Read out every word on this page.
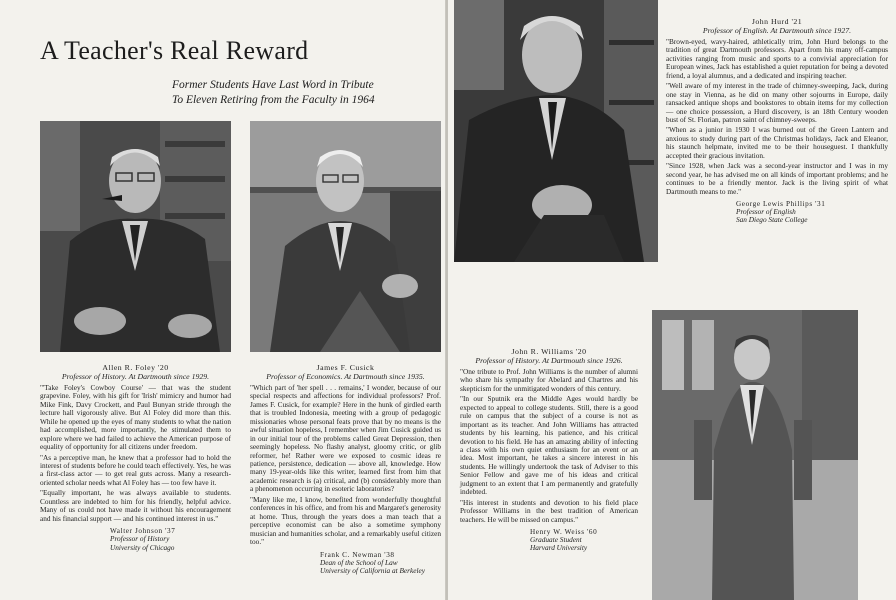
A Teacher's Real Reward
Former Students Have Last Word in Tribute
To Eleven Retiring from the Faculty in 1964
Allen R. Foley '20
Professor of History. At Dartmouth since 1929.

"'Take Foley's Cowboy Course' — that was the student grapevine. Foley, with his gift for 'Irish' mimicry and humor had Mike Fink, Davy Crockett, and Paul Bunyan stride through the lecture hall vigorously alive. But Al Foley did more than this. While he opened up the eyes of many students to what the nation had accomplished, more importantly, he stimulated them to explore where we had failed to achieve the American purpose of equality of opportunity for all citizens under freedom.

"As a perceptive man, he knew that a professor had to hold the interest of students before he could teach effectively. Yes, he was a first-class actor — to get real guts across. Many a research-oriented scholar needs what Al Foley has — too few have it.

"Equally important, he was always available to students. Countless are indebted to him for his friendly, helpful advice. Many of us could not have made it without his encouragement and his financial support — and his continued interest in us."

Walter Johnson '37
Professor of History
University of Chicago
James F. Cusick
Professor of Economics. At Dartmouth since 1935.

"Which part of 'her spell . . . remains,' I wonder, because of our special respects and affections for individual professors? Prof. James F. Cusick, for example? Here in the hunk of girdled earth that is troubled Indonesia, meeting with a group of pedagogic missionaries whose personal feats prove that by no means is the awful situation hopeless, I remember when Jim Cusick guided us in our initial tour of the problems called Great Depression, then seemingly hopeless. No flashy analyst, gloomy critic, or glib reformer, he! Rather were we exposed to cosmic ideas re patience, persistence, dedication — above all, knowledge. How many 19-year-olds like this writer, learned first from him that academic research is (a) critical, and (b) considerably more than a phenomenon occurring in esoteric laboratories?

"Many like me, I know, benefited from wonderfully thoughtful conferences in his office, and from his and Margaret's generosity at home. Thus, through the years does a man teach that a perceptive economist can be also a sometime symphony musician and humanities scholar, and a remarkably useful citizen too."

Frank C. Newman '38
Dean of the School of Law
University of California at Berkeley
John Hurd '21
Professor of English. At Dartmouth since 1927.

"Brown-eyed, wavy-haired, athletically trim, John Hurd belongs to the tradition of great Dartmouth professors. Apart from his many off-campus activities ranging from music and sports to a convivial appreciation for European wines, Jack has established a quiet reputation for being a devoted friend, a loyal alumnus, and a dedicated and inspiring teacher.

"Well aware of my interest in the trade of chimney-sweeping, Jack, during one stay in Vienna, as he did on many other sojourns in Europe, daily ransacked antique shops and bookstores to obtain items for my collection — one choice possession, a Hurd discovery, is an 18th Century wooden bust of St. Florian, patron saint of chimney-sweeps.

"When as a junior in 1930 I was burned out of the Green Lantern and anxious to study during part of the Christmas holidays, Jack and Eleanor, his staunch helpmate, invited me to be their houseguest. I thankfully accepted their gracious invitation.

"Since 1928, when Jack was a second-year instructor and I was in my second year, he has advised me on all kinds of important problems; and he continues to be a friendly mentor. Jack is the living spirit of what Dartmouth means to me."

George Lewis Phillips '31
Professor of English
San Diego State College
John R. Williams '20
Professor of History. At Dartmouth since 1926.

"One tribute to Prof. John Williams is the number of alumni who share his sympathy for Abelard and Chartres and his skepticism for the unmitigated wonders of this century.

"In our Sputnik era the Middle Ages would hardly be expected to appeal to college students. Still, there is a good rule on campus that the subject of a course is not as important as its teacher. And John Williams has attracted students by his learning, his patience, and his critical devotion to his field. He has an amazing ability of infecting a class with his own quiet enthusiasm for an event or an idea. Most important, he takes a sincere interest in his students. He willingly undertook the task of Adviser to this Senior Fellow and gave me of his ideas and critical judgment to an extent that I am permanently and gratefully indebted.

"His interest in students and devotion to his field place Professor Williams in the best tradition of American teachers. He will be missed on campus."

Henry W. Weiss '60
Graduate Student
Harvard University
